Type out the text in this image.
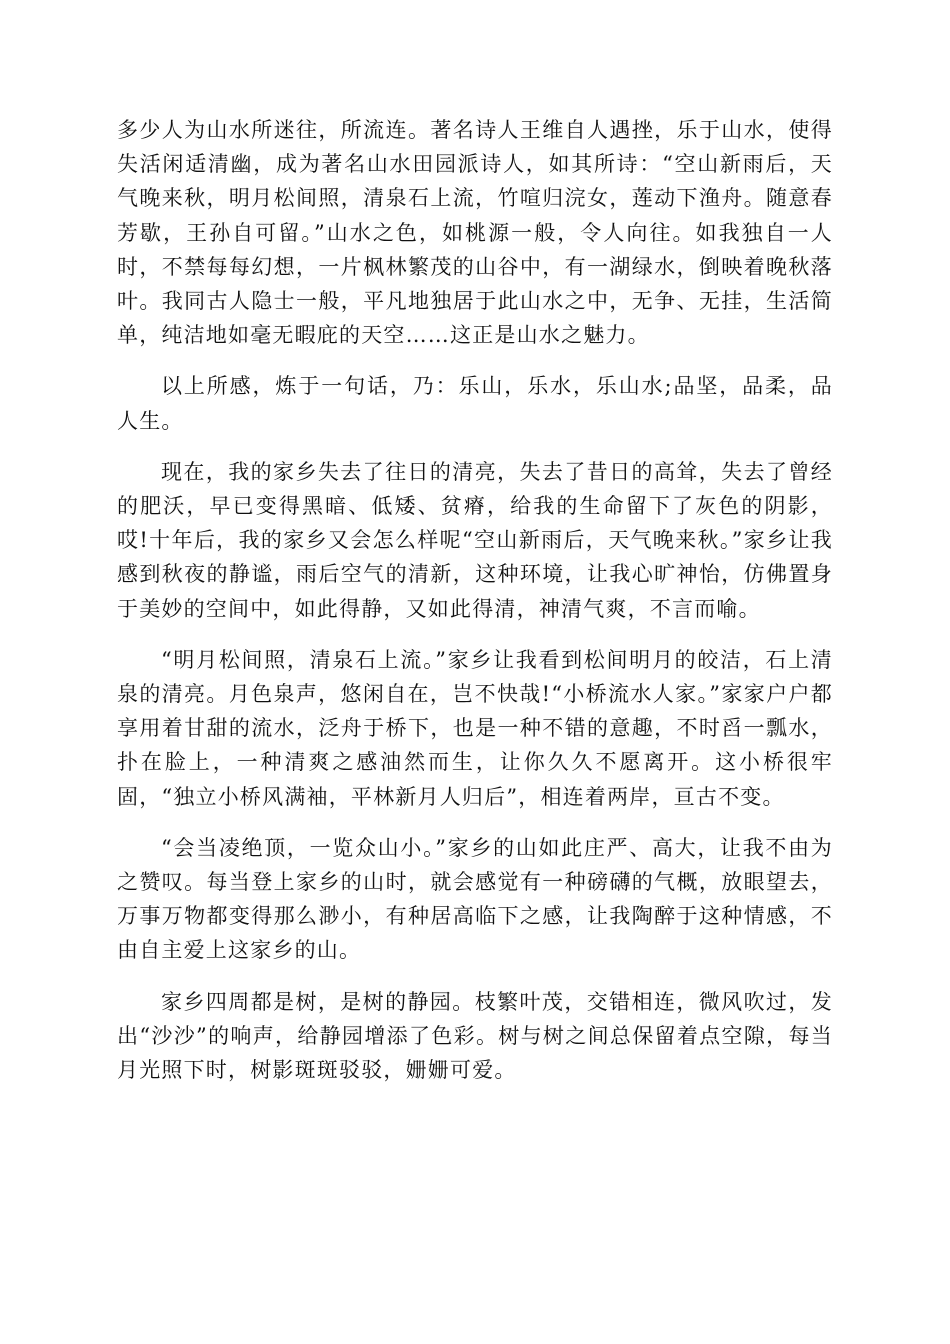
多少人为山水所迷往，所流连。著名诗人王维自人遇挫，乐于山水，使得失活闲适清幽，成为著名山水田园派诗人，如其所诗：“空山新雨后，天气晚来秋，明月松间照，清泉石上流，竹喧归浣女，莲动下渔舟。随意春芳歇，王孙自可留。”山水之色，如桃源一般，令人向往。如我独自一人时，不禁每每幻想，一片枫林繁茂的山谷中，有一湖绿水，倒映着晚秋落叶。我同古人隐士一般，平凡地独居于此山水之中，无争、无挂，生活简单，纯洁地如毫无暇庇的天空……这正是山水之魅力。

以上所感，炼于一句话，乃：乐山，乐水，乐山水;品坚，品柔，品人生。

现在，我的家乡失去了往日的清亮，失去了昔日的高耸，失去了曾经的肥沃，早已变得黑暗、低矮、贫瘠，给我的生命留下了灰色的阴影，哎!十年后，我的家乡又会怎么样呢“空山新雨后，天气晚来秋。”家乡让我感到秋夜的静谧，雨后空气的清新，这种环境，让我心旷神怡，仿佛置身于美妙的空间中，如此得静，又如此得清，神清气爽，不言而喻。

“明月松间照，清泉石上流。”家乡让我看到松间明月的皎洁，石上清泉的清亮。月色泉声，悠闲自在，岂不快哉!“小桥流水人家。”家家户户都享用着甘甜的流水，泛舟于桥下，也是一种不错的意趣，不时舀一瓢水，扑在脸上，一种清爽之感油然而生，让你久久不愿离开。这小桥很牢固，“独立小桥风满袖，平林新月人归后”，相连着两岸，亘古不变。

“会当凌绝顶，一览众山小。”家乡的山如此庄严、高大，让我不由为之赞叹。每当登上家乡的山时，就会感觉有一种磅礴的气概，放眼望去，万事万物都变得那么渺小，有种居高临下之感，让我陶醉于这种情感，不由自主爱上这家乡的山。

家乡四周都是树，是树的静园。枝繁叶茂，交错相连，微风吹过，发出“沙沙”的响声，给静园增添了色彩。树与树之间总保留着点空隙，每当月光照下时，树影斑斑驳驳，姗姗可爱。
